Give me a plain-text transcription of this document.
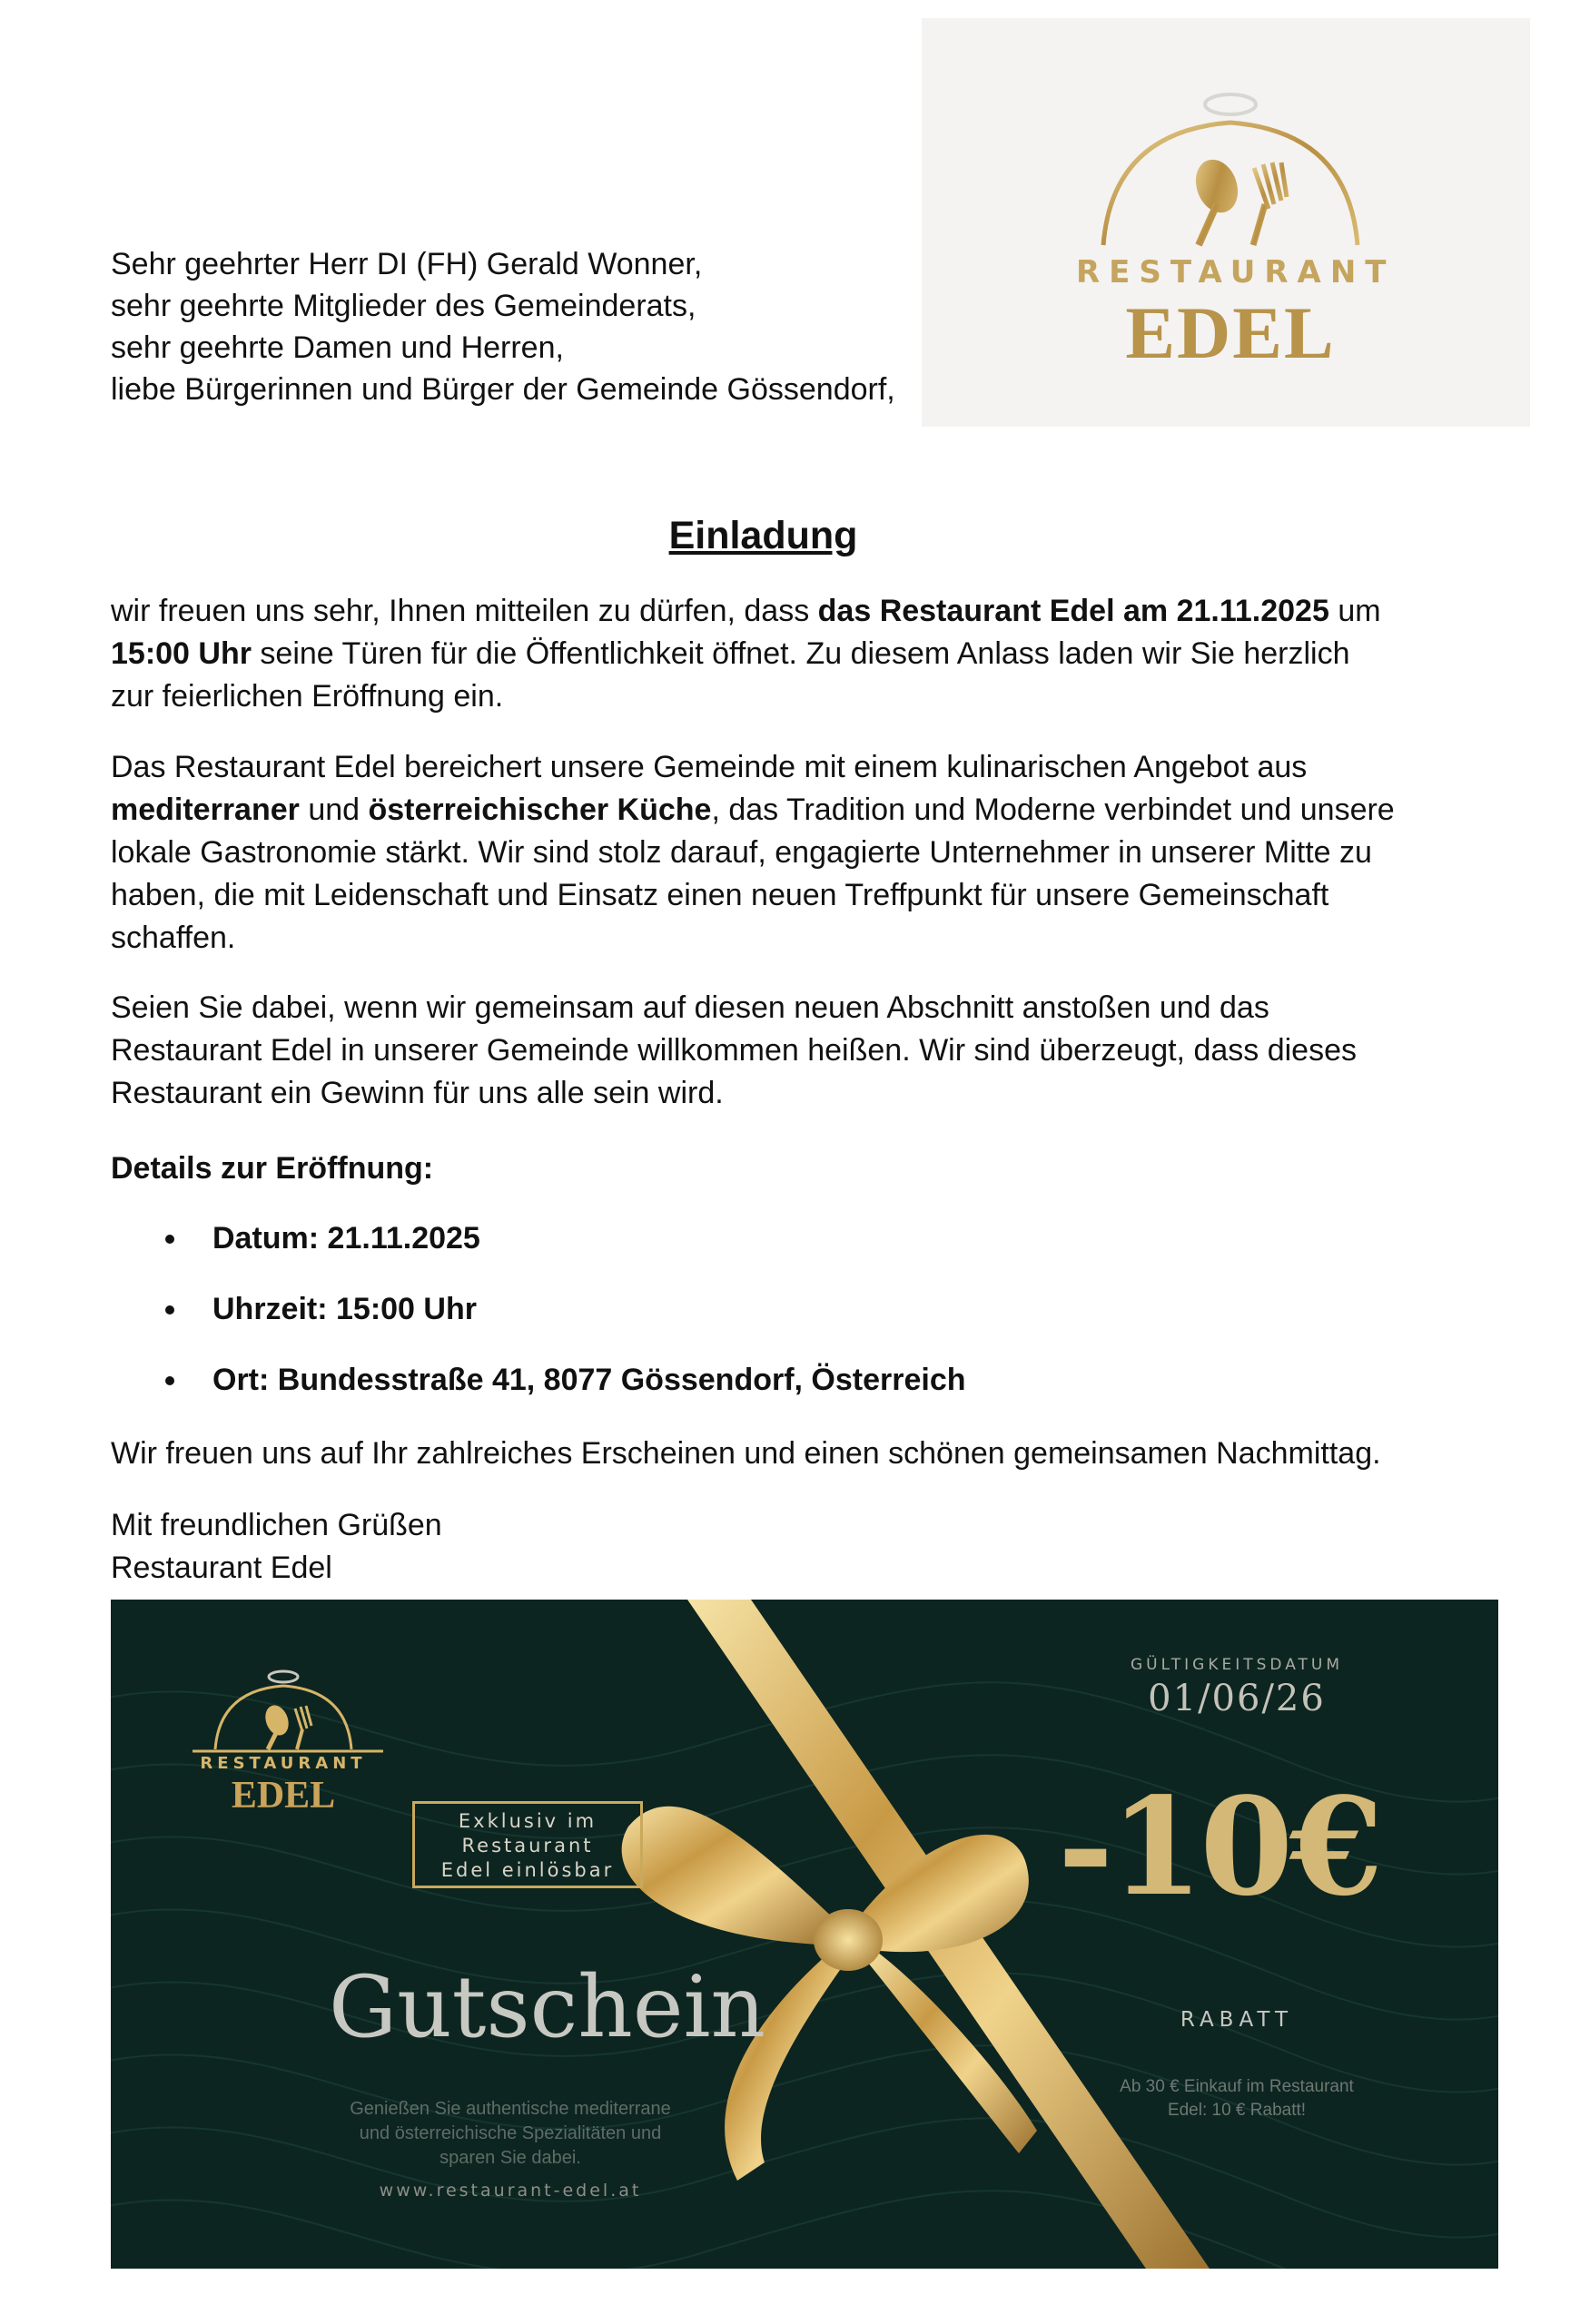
RESTAURANT
EDEL
Sehr geehrter Herr DI (FH) Gerald Wonner,
sehr geehrte Mitglieder des Gemeinderats,
sehr geehrte Damen und Herren,
liebe Bürgerinnen und Bürger der Gemeinde Gössendorf,
Einladung
wir freuen uns sehr, Ihnen mitteilen zu dürfen, dass das Restaurant Edel am 21.11.2025 um
15:00 Uhr seine Türen für die Öffentlichkeit öffnet. Zu diesem Anlass laden wir Sie herzlich
zur feierlichen Eröffnung ein.
Das Restaurant Edel bereichert unsere Gemeinde mit einem kulinarischen Angebot aus
mediterraner und österreichischer Küche, das Tradition und Moderne verbindet und unsere
lokale Gastronomie stärkt. Wir sind stolz darauf, engagierte Unternehmer in unserer Mitte zu
haben, die mit Leidenschaft und Einsatz einen neuen Treffpunkt für unsere Gemeinschaft
schaffen.
Seien Sie dabei, wenn wir gemeinsam auf diesen neuen Abschnitt anstoßen und das
Restaurant Edel in unserer Gemeinde willkommen heißen. Wir sind überzeugt, dass dieses
Restaurant ein Gewinn für uns alle sein wird.
Details zur Eröffnung:
Datum: 21.11.2025
Uhrzeit: 15:00 Uhr
Ort: Bundesstraße 41, 8077 Gössendorf, Österreich
Wir freuen uns auf Ihr zahlreiches Erscheinen und einen schönen gemeinsamen Nachmittag.
Mit freundlichen Grüßen
Restaurant Edel
RESTAURANT
EDEL
Exklusiv im
Restaurant
Edel einlösbar
Gutschein
Genießen Sie authentische mediterrane
und österreichische Spezialitäten und
sparen Sie dabei.
www.restaurant-edel.at
GÜLTIGKEITSDATUM
01/06/26
-10€
RABATT
Ab 30 € Einkauf im Restaurant
Edel: 10 € Rabatt!
